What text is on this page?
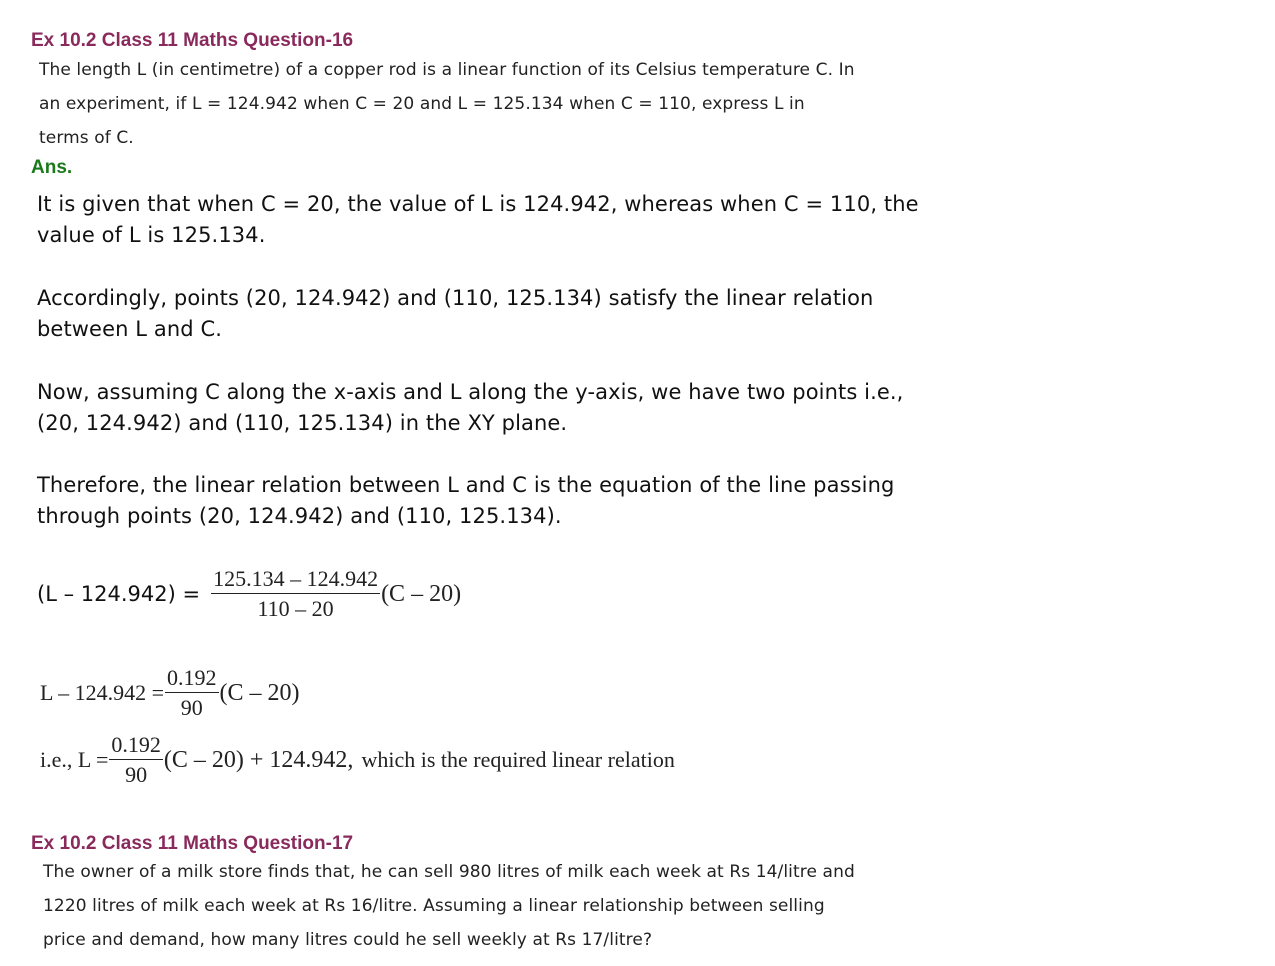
Ex 10.2 Class 11 Maths Question-16
The length L (in centimetre) of a copper rod is a linear function of its Celsius temperature C. In
an experiment, if L = 124.942 when C = 20 and L = 125.134 when C = 110, express L in
terms of C.
Ans.
It is given that when C = 20, the value of L is 124.942, whereas when C = 110, the
value of L is 125.134.
Accordingly, points (20, 124.942) and (110, 125.134) satisfy the linear relation
between L and C.
Now, assuming C along the x-axis and L along the y-axis, we have two points i.e.,
(20, 124.942) and (110, 125.134) in the XY plane.
Therefore, the linear relation between L and C is the equation of the line passing
through points (20, 124.942) and (110, 125.134).
$(L - 124.942) = \frac{125.134 - 124.942}{110 - 20} (C - 20)$
$L - 124.942 = \frac{0.192}{90} (C - 20)$
i.e., $L = \frac{0.192}{90} (C - 20) + 124.942$, which is the required linear relation
Ex 10.2 Class 11 Maths Question-17
The owner of a milk store finds that, he can sell 980 litres of milk each week at Rs 14/litre and
1220 litres of milk each week at Rs 16/litre. Assuming a linear relationship between selling
price and demand, how many litres could he sell weekly at Rs 17/litre?
